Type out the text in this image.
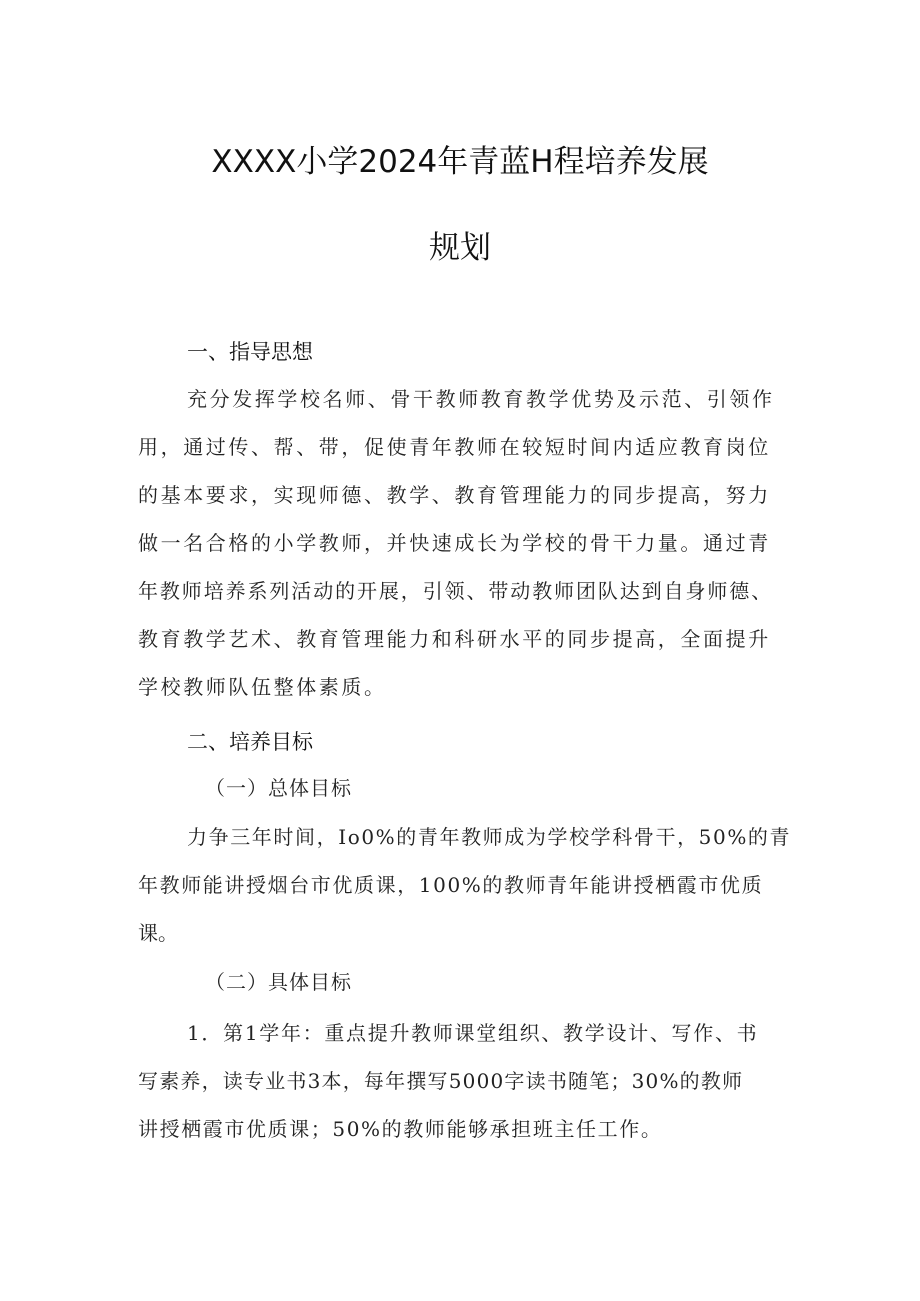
XXXX小学2024年青蓝H程培养发展
规划
一、指导思想
充分发挥学校名师、骨干教师教育教学优势及示范、引领作
用，通过传、帮、带，促使青年教师在较短时间内适应教育岗位
的基本要求，实现师德、教学、教育管理能力的同步提高，努力
做一名合格的小学教师，并快速成长为学校的骨干力量。通过青
年教师培养系列活动的开展，引领、带动教师团队达到自身师德、
教育教学艺术、教育管理能力和科研水平的同步提高，全面提升
学校教师队伍整体素质。
二、培养目标
（一）总体目标
力争三年时间，Io0%的青年教师成为学校学科骨干，50%的青
年教师能讲授烟台市优质课，100%的教师青年能讲授栖霞市优质
课。
（二）具体目标
1．第1学年：重点提升教师课堂组织、教学设计、写作、书
写素养，读专业书3本，每年撰写5000字读书随笔；30%的教师
讲授栖霞市优质课；50%的教师能够承担班主任工作。
